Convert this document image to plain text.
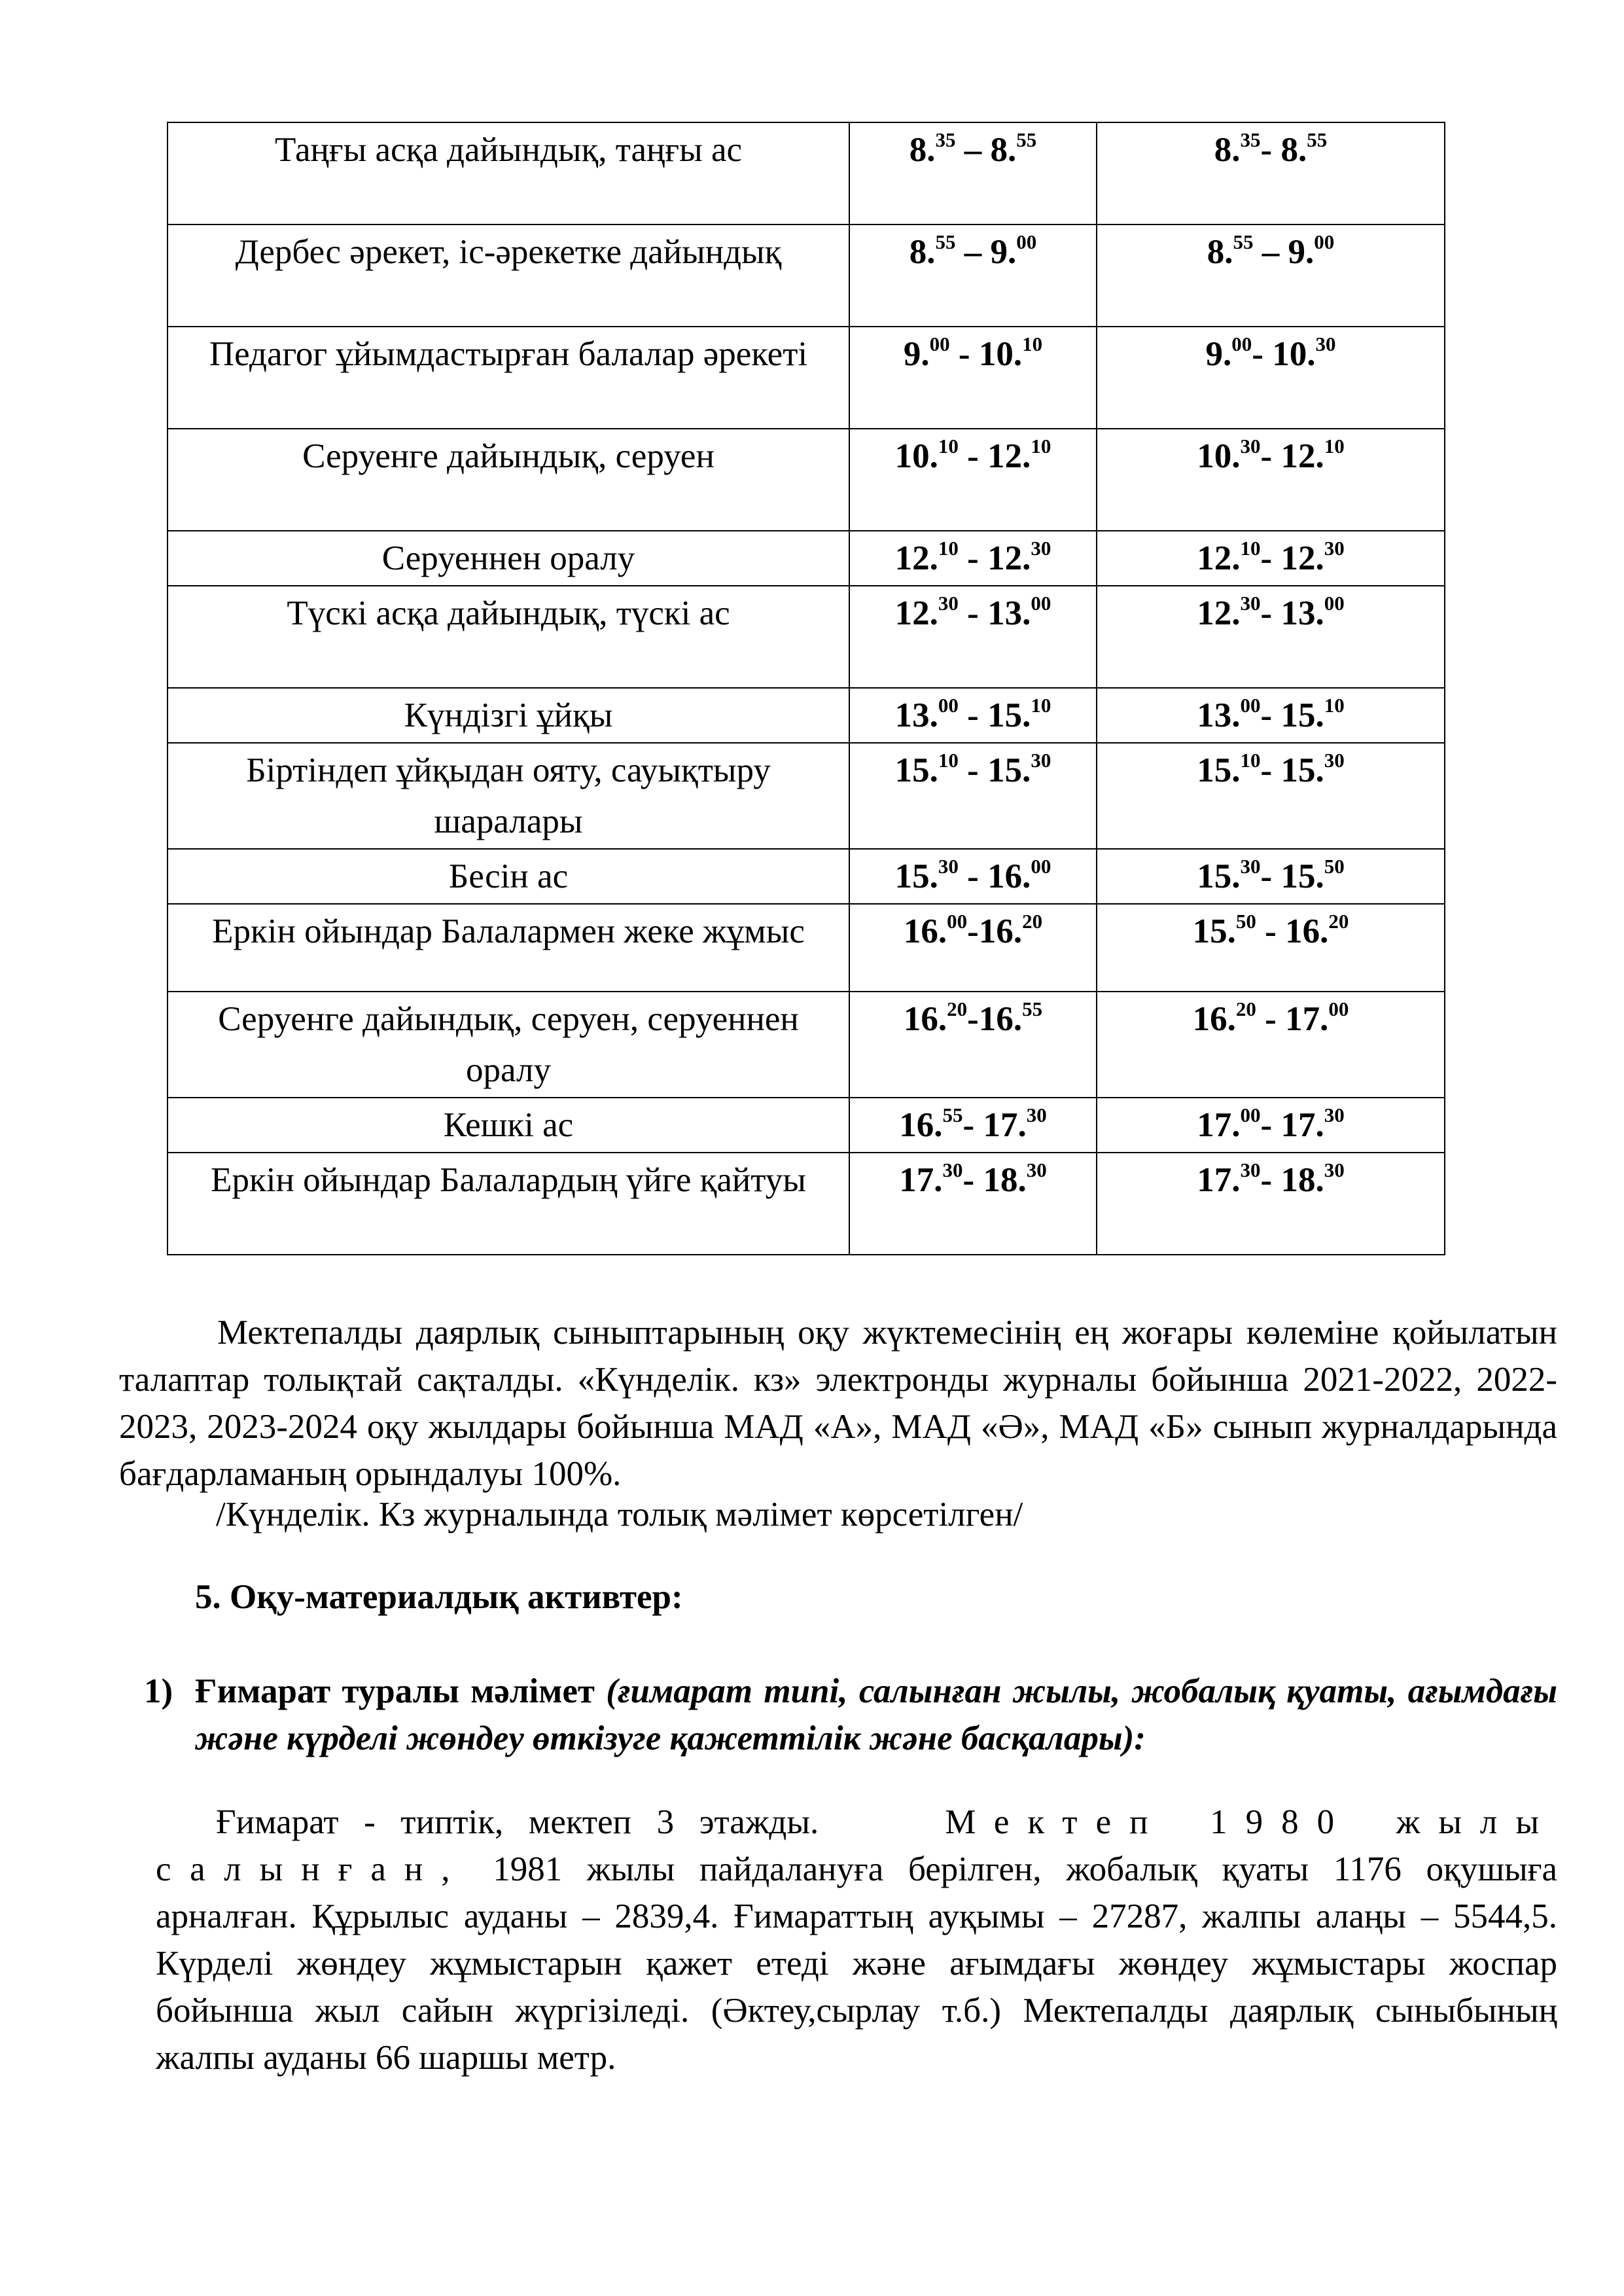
Таңғы асқа дайындық, таңғы ас	8.35 – 8.55	8.35- 8.55
Дербес әрекет, іс-әрекетке дайындық	8.55 – 9.00	8.55 – 9.00
Педагог ұйымдастырған балалар әрекеті	9.00 - 10.10	9.00- 10.30
Серуенге дайындық, серуен	10.10 - 12.10	10.30- 12.10
Серуеннен оралу	12.10 - 12.30	12.10- 12.30
Түскі асқа дайындық, түскі ас	12.30 - 13.00	12.30- 13.00
Күндізгі ұйқы	13.00 - 15.10	13.00- 15.10
Біртіндеп ұйқыдан ояту, сауықтыру шаралары	15.10 - 15.30	15.10- 15.30
Бесін ас	15.30 - 16.00	15.30- 15.50
Еркін ойындар Балалармен жеке жұмыс	16.00-16.20	15.50 - 16.20
Серуенге дайындық, серуен, серуеннен оралу	16.20-16.55	16.20 - 17.00
Кешкі ас	16.55- 17.30	17.00- 17.30
Еркін ойындар Балалардың үйге қайтуы	17.30- 18.30	17.30- 18.30
Мектепалды даярлық сыныптарының оқу жүктемесінің ең жоғары көлеміне қойылатын талаптар толықтай сақталды. «Күнделік. кз» электронды журналы бойынша 2021-2022, 2022-2023, 2023-2024 оқу жылдары бойынша МАД «А», МАД «Ә», МАД «Б» сынып журналдарында бағдарламаның орындалуы 100%.
/Күнделік. Кз журналында толық мәлімет көрсетілген/
5. Оқу-материалдық активтер:
1) Ғимарат туралы мәлімет (ғимарат типі, салынған жылы, жобалық қуаты, ағымдағы және күрделі жөндеу өткізуге қажеттілік және басқалары):
Ғимарат - типтік, мектеп 3 этажды.	Мектеп 1980 жылы салынған, 1981 жылы пайдалануға берілген, жобалық қуаты 1176 оқушыға арналған. Құрылыс ауданы – 2839,4. Ғимараттың ауқымы – 27287, жалпы алаңы – 5544,5. Күрделі жөндеу жұмыстарын қажет етеді және ағымдағы жөндеу жұмыстары жоспар бойынша жыл сайын жүргізіледі. (Әктеу,сырлау т.б.) Мектепалды даярлық сыныбының жалпы ауданы 66 шаршы метр.
